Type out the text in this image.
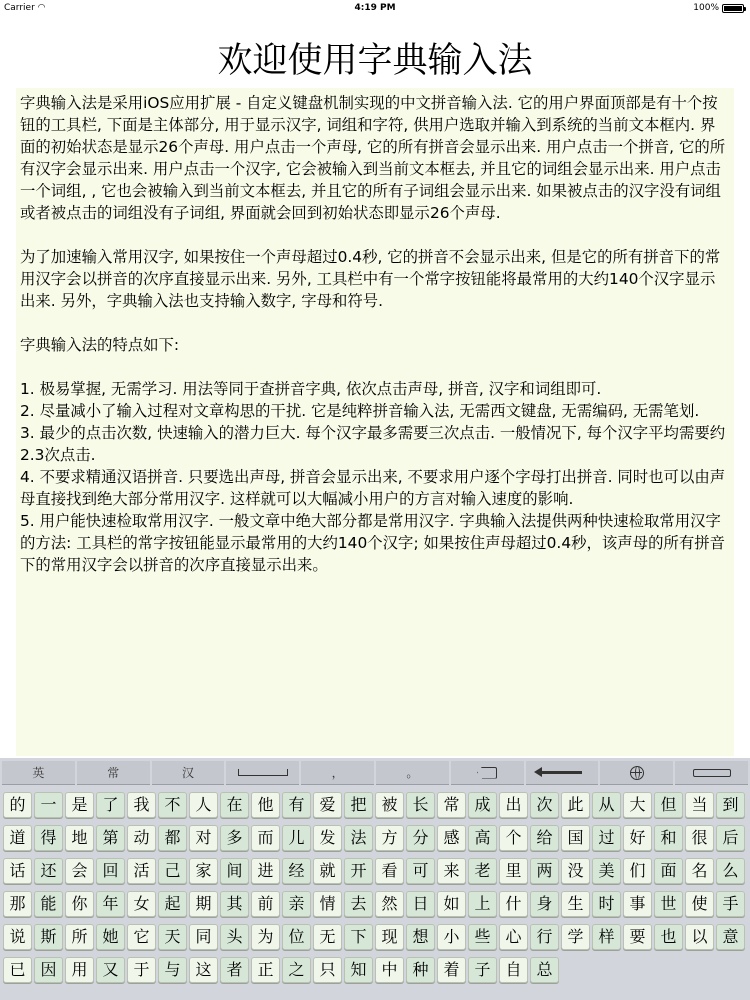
Carrier ◠	4:19 PM	100%
欢迎使用字典输入法

字典输入法是采用iOS应用扩展 - 自定义键盘机制实现的中文拼音输入法. 它的用户界面顶部是有十个按钮的工具栏, 下面是主体部分, 用于显示汉字, 词组和字符, 供用户选取并输入到系统的当前文本框内. 界面的初始状态是显示26个声母. 用户点击一个声母, 它的所有拼音会显示出来. 用户点击一个拼音, 它的所有汉字会显示出来. 用户点击一个汉字, 它会被输入到当前文本框去, 并且它的词组会显示出来. 用户点击一个词组, , 它也会被输入到当前文本框去, 并且它的所有子词组会显示出来. 如果被点击的汉字没有词组或者被点击的词组没有子词组, 界面就会回到初始状态即显示26个声母.

为了加速输入常用汉字, 如果按住一个声母超过0.4秒, 它的拼音不会显示出来, 但是它的所有拼音下的常用汉字会以拼音的次序直接显示出来. 另外, 工具栏中有一个常字按钮能将最常用的大约140个汉字显示出来. 另外，字典输入法也支持输入数字, 字母和符号.

字典输入法的特点如下:

1. 极易掌握, 无需学习. 用法等同于查拼音字典, 依次点击声母, 拼音, 汉字和词组即可.

2. 尽量减小了输入过程对文章构思的干扰. 它是纯粹拼音输入法, 无需西文键盘, 无需编码, 无需笔划.

3. 最少的点击次数, 快速输入的潜力巨大. 每个汉字最多需要三次点击. 一般情况下, 每个汉字平均需要约2.3次点击.

4. 不要求精通汉语拼音. 只要选出声母, 拼音会显示出来, 不要求用户逐个字母打出拼音. 同时也可以由声母直接找到绝大部分常用汉字. 这样就可以大幅减小用户的方言对输入速度的影响.

5. 用户能快速检取常用汉字. 一般文章中绝大部分都是常用汉字. 字典输入法提供两种快速检取常用汉字的方法: 工具栏的常字按钮能显示最常用的大约140个汉字; 如果按住声母超过0.4秒，该声母的所有拼音下的常用汉字会以拼音的次序直接显示出来。

英	常	汉	，	。
的 一 是 了 我 不 人 在 他 有 爱 把 被 长 常 成 出 次 此 从 大 但 当 到
道 得 地 第 动 都 对 多 而 儿 发 法 方 分 感 高 个 给 国 过 好 和 很 后
话 还 会 回 活 己 家 间 进 经 就 开 看 可 来 老 里 两 没 美 们 面 名 么
那 能 你 年 女 起 期 其 前 亲 情 去 然 日 如 上 什 身 生 时 事 世 使 手
说 斯 所 她 它 天 同 头 为 位 无 下 现 想 小 些 心 行 学 样 要 也 以 意
已 因 用 又 于 与 这 者 正 之 只 知 中 种 着 子 自 总
